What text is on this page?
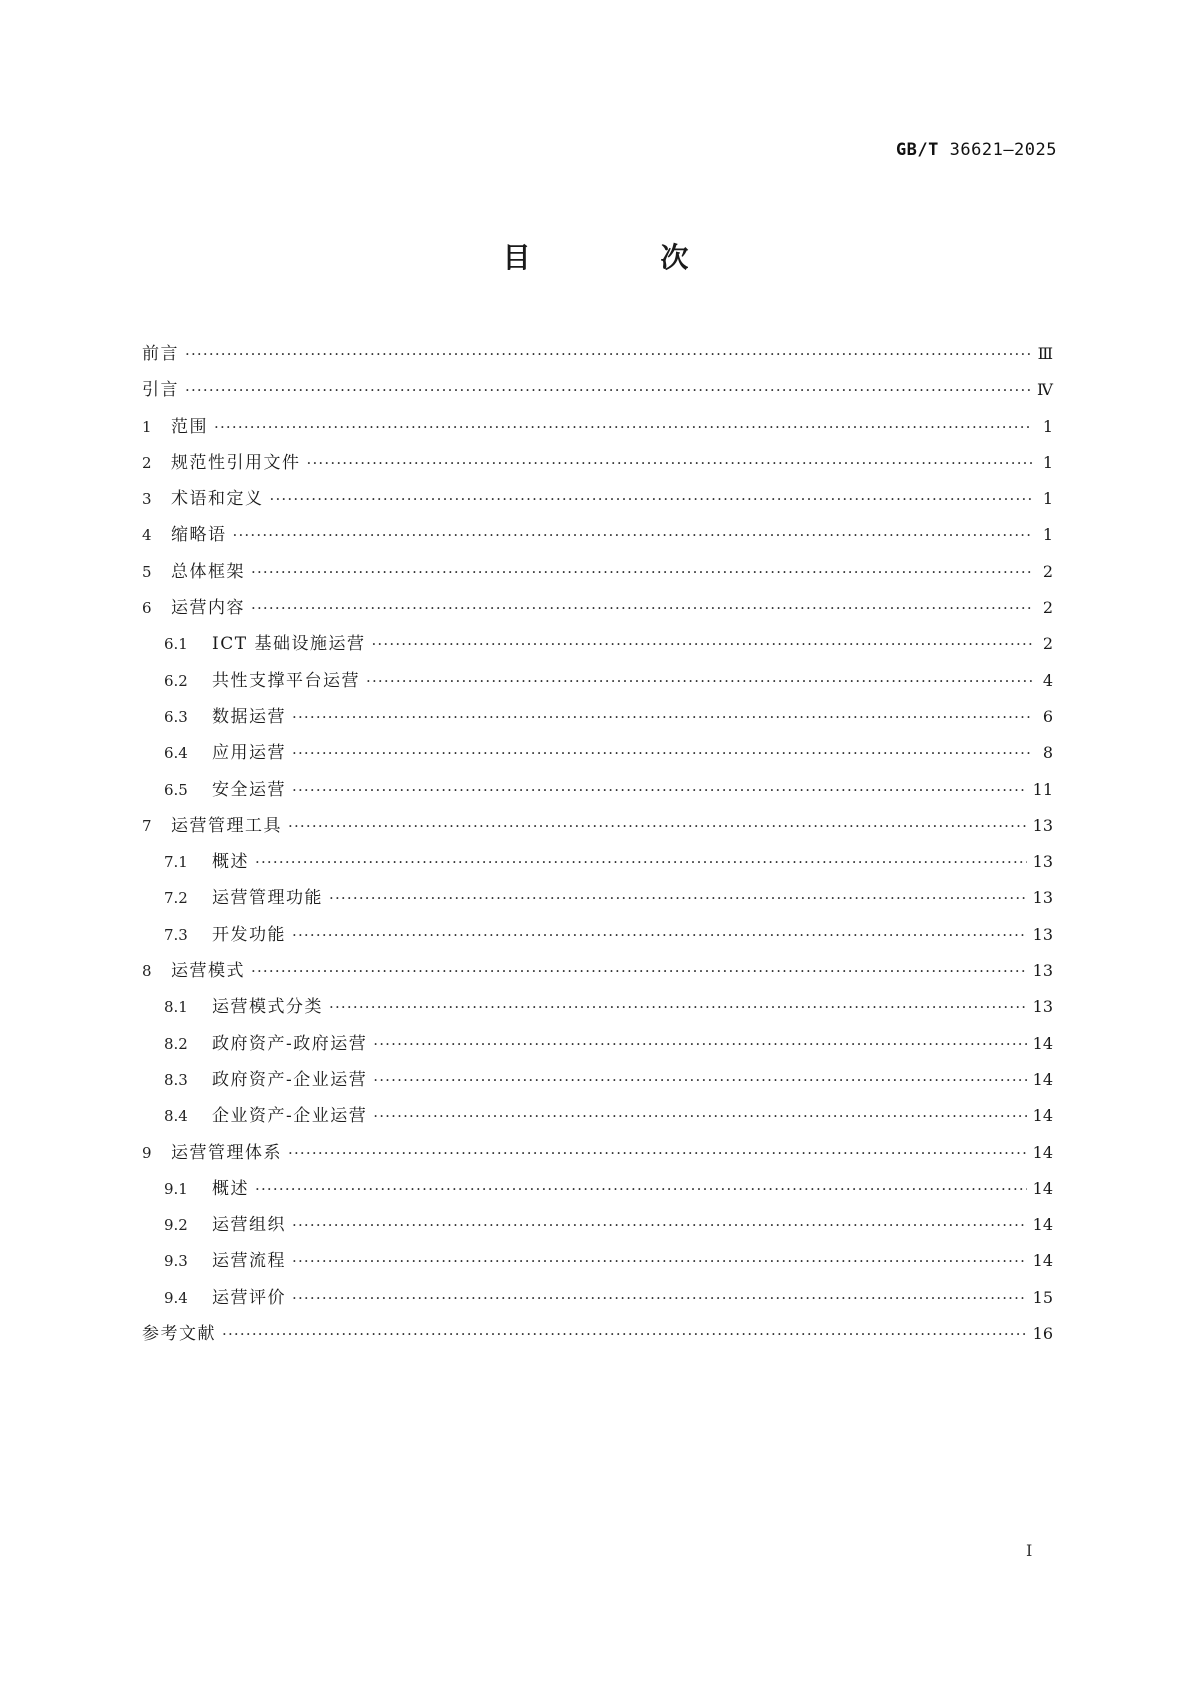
GB/T 36621—2025
目 次
前言 ·····	Ⅲ
引言 ·····	Ⅳ
1	范围 ·····	1
2	规范性引用文件 ·····	1
3	术语和定义 ·····	1
4	缩略语 ·····	1
5	总体框架 ·····	2
6	运营内容 ·····	2
6.1	ICT 基础设施运营 ·····	2
6.2	共性支撑平台运营 ·····	4
6.3	数据运营 ·····	6
6.4	应用运营 ·····	8
6.5	安全运营 ·····	11
7	运营管理工具 ·····	13
7.1	概述 ·····	13
7.2	运营管理功能 ·····	13
7.3	开发功能 ·····	13
8	运营模式 ·····	13
8.1	运营模式分类 ·····	13
8.2	政府资产-政府运营 ·····	14
8.3	政府资产-企业运营 ·····	14
8.4	企业资产-企业运营 ·····	14
9	运营管理体系 ·····	14
9.1	概述 ·····	14
9.2	运营组织 ·····	14
9.3	运营流程 ·····	14
9.4	运营评价 ·····	15
参考文献 ·····	16
I
